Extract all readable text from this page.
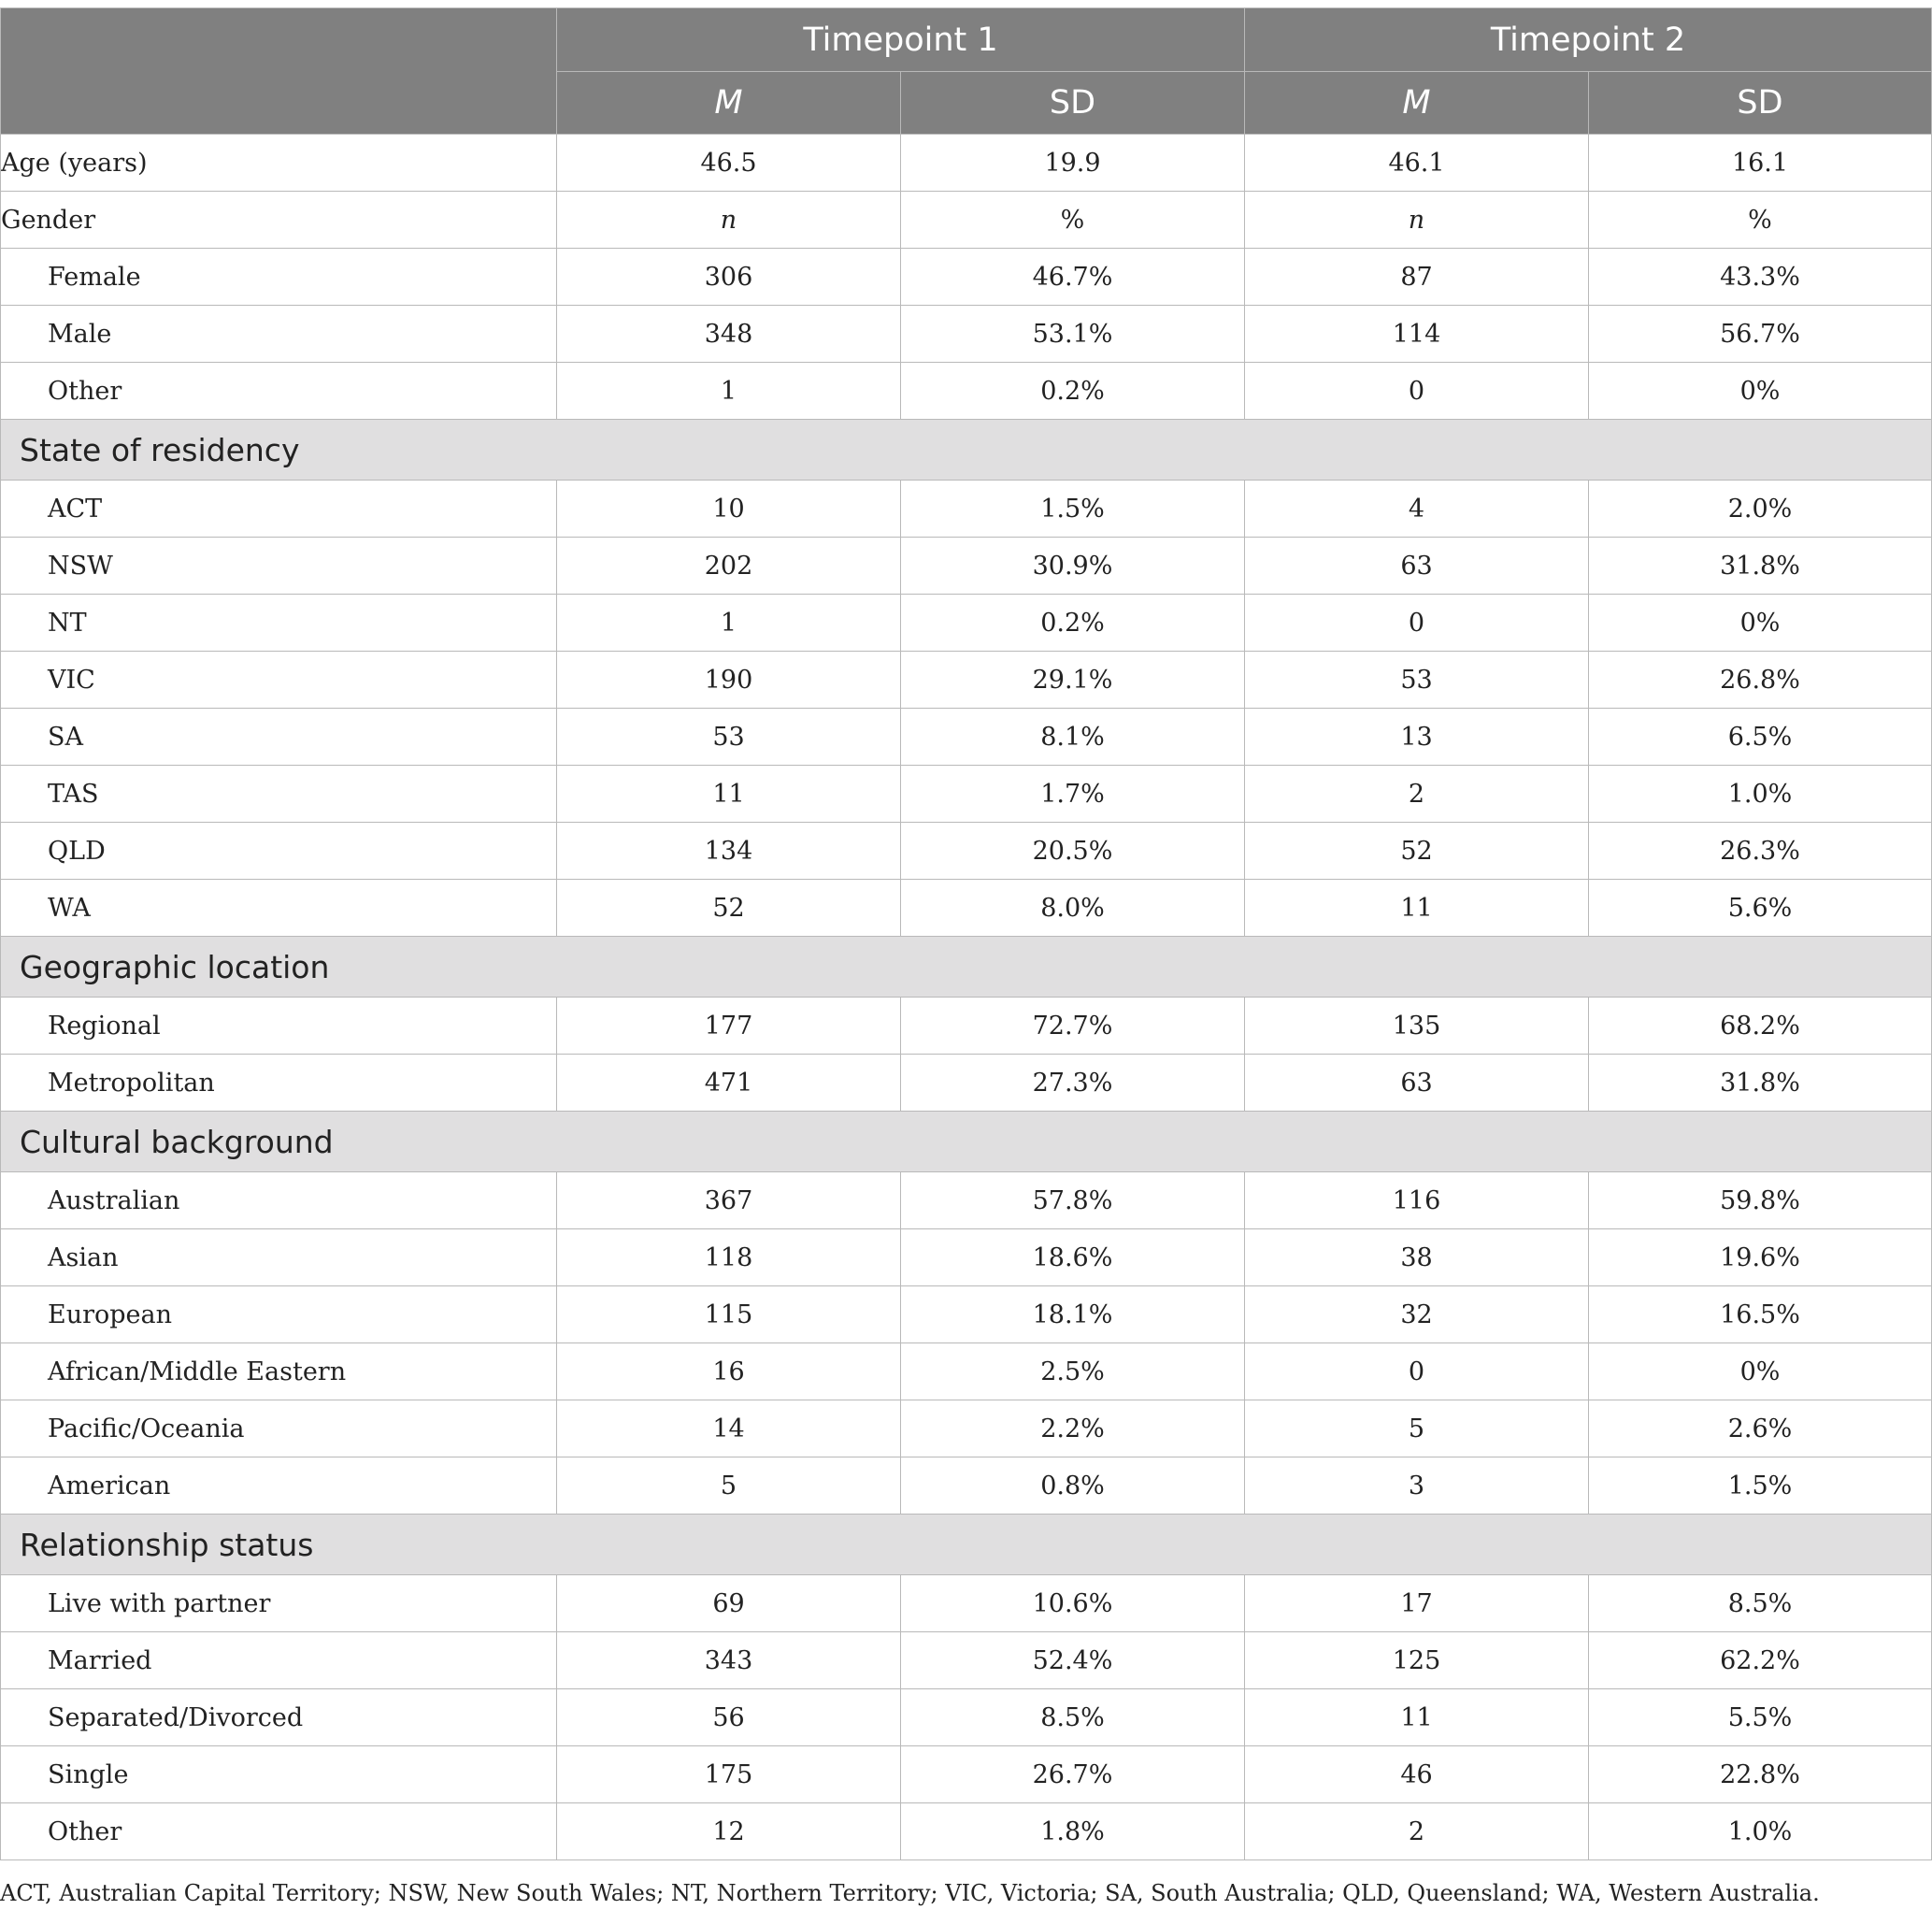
	Timepoint 1		Timepoint 2	
	M	SD	M	SD
Age (years)	46.5	19.9	46.1	16.1
Gender	n	%	n	%
Female	306	46.7%	87	43.3%
Male	348	53.1%	114	56.7%
Other	1	0.2%	0	0%
State of residency				
ACT	10	1.5%	4	2.0%
NSW	202	30.9%	63	31.8%
NT	1	0.2%	0	0%
VIC	190	29.1%	53	26.8%
SA	53	8.1%	13	6.5%
TAS	11	1.7%	2	1.0%
QLD	134	20.5%	52	26.3%
WA	52	8.0%	11	5.6%
Geographic location				
Regional	177	72.7%	135	68.2%
Metropolitan	471	27.3%	63	31.8%
Cultural background				
Australian	367	57.8%	116	59.8%
Asian	118	18.6%	38	19.6%
European	115	18.1%	32	16.5%
African/Middle Eastern	16	2.5%	0	0%
Pacific/Oceania	14	2.2%	5	2.6%
American	5	0.8%	3	1.5%
Relationship status				
Live with partner	69	10.6%	17	8.5%
Married	343	52.4%	125	62.2%
Separated/Divorced	56	8.5%	11	5.5%
Single	175	26.7%	46	22.8%
Other	12	1.8%	2	1.0%
ACT, Australian Capital Territory; NSW, New South Wales; NT, Northern Territory; VIC, Victoria; SA, South Australia; QLD, Queensland; WA, Western Australia.
